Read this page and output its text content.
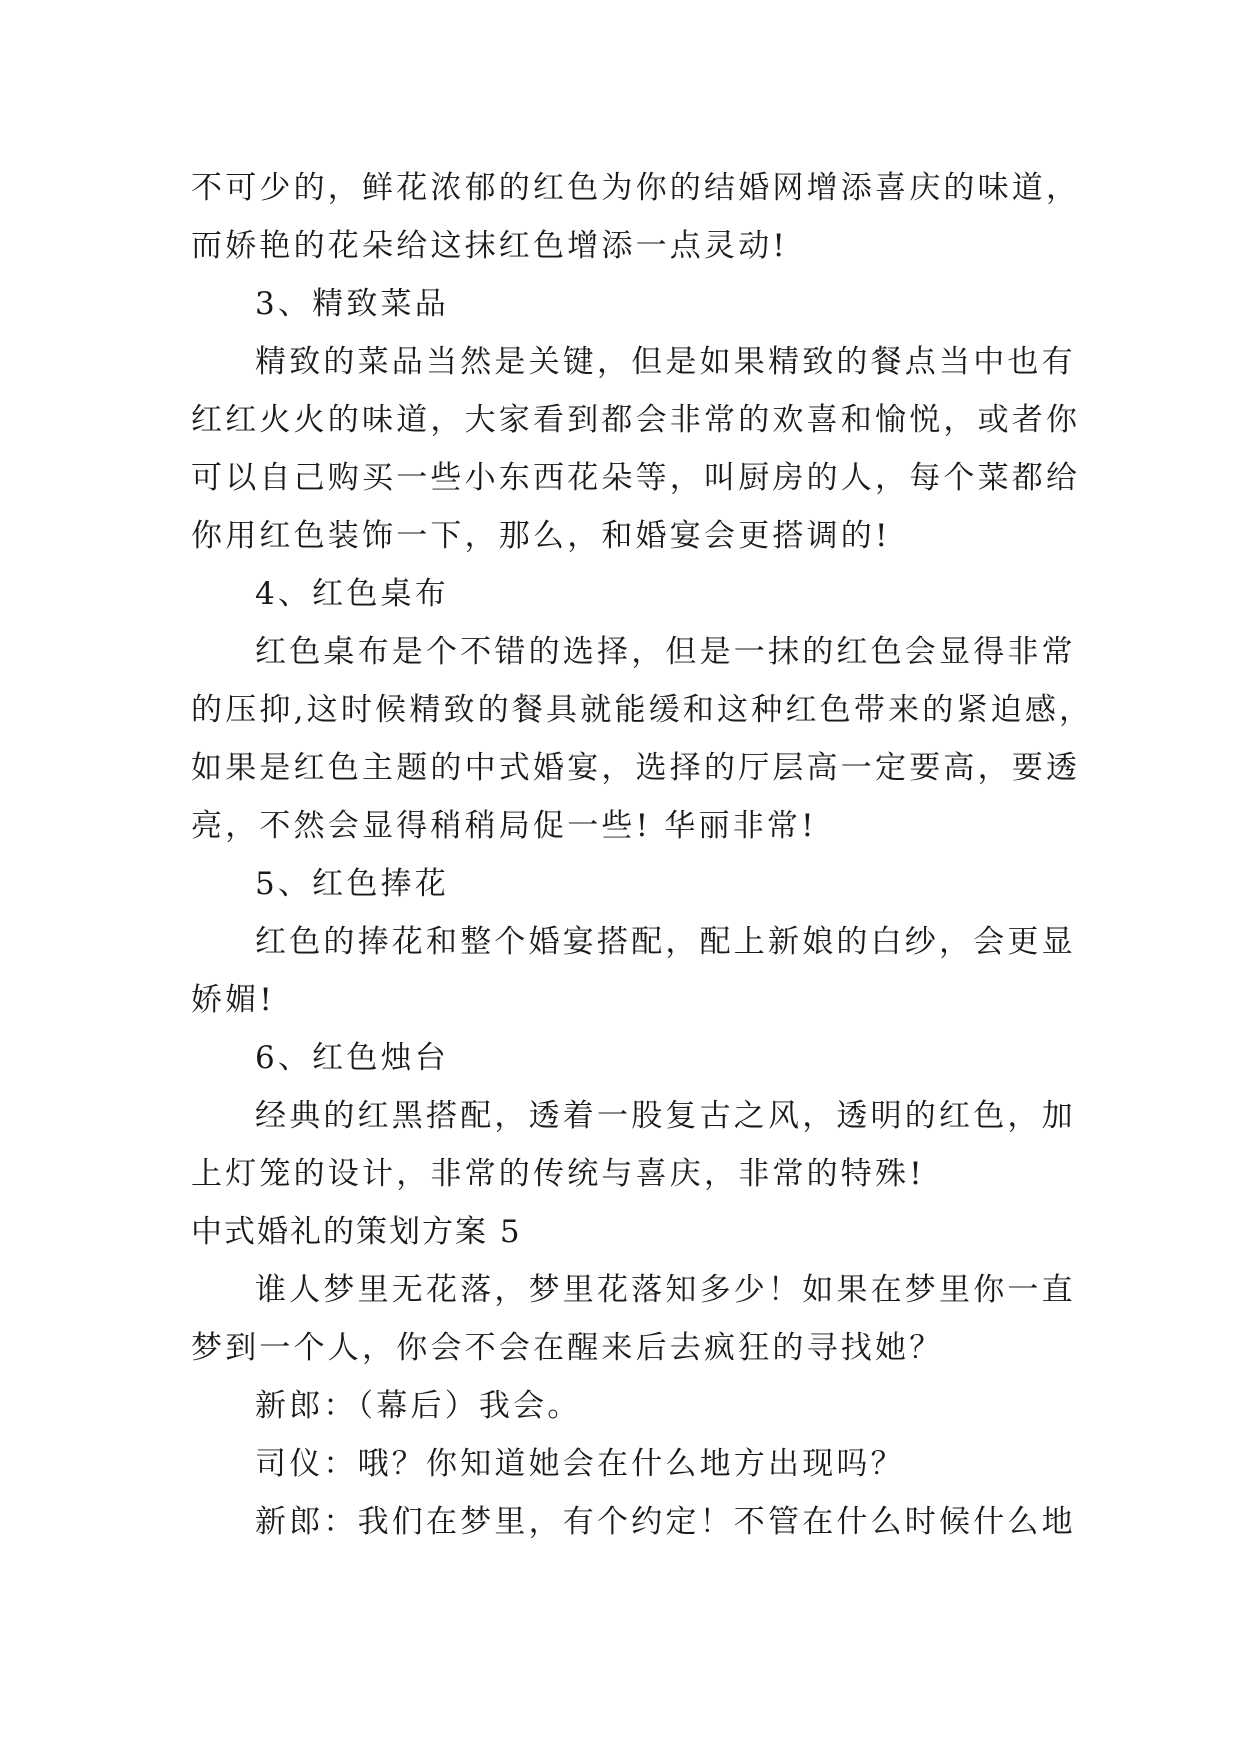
不可少的，鲜花浓郁的红色为你的结婚网增添喜庆的味道，
而娇艳的花朵给这抹红色增添一点灵动!
3、精致菜品
精致的菜品当然是关键，但是如果精致的餐点当中也有
红红火火的味道，大家看到都会非常的欢喜和愉悦，或者你
可以自己购买一些小东西花朵等，叫厨房的人，每个菜都给
你用红色装饰一下，那么，和婚宴会更搭调的!
4、红色桌布
红色桌布是个不错的选择，但是一抹的红色会显得非常
的压抑,这时候精致的餐具就能缓和这种红色带来的紧迫感，
如果是红色主题的中式婚宴，选择的厅层高一定要高，要透
亮，不然会显得稍稍局促一些! 华丽非常!
5、红色捧花
红色的捧花和整个婚宴搭配，配上新娘的白纱，会更显
娇媚!
6、红色烛台
经典的红黑搭配，透着一股复古之风，透明的红色，加
上灯笼的设计，非常的传统与喜庆，非常的特殊!
中式婚礼的策划方案 5
谁人梦里无花落，梦里花落知多少！如果在梦里你一直
梦到一个人，你会不会在醒来后去疯狂的寻找她？
新郎：（幕后）我会。
司仪：哦？你知道她会在什么地方出现吗？
新郎：我们在梦里，有个约定！不管在什么时候什么地
